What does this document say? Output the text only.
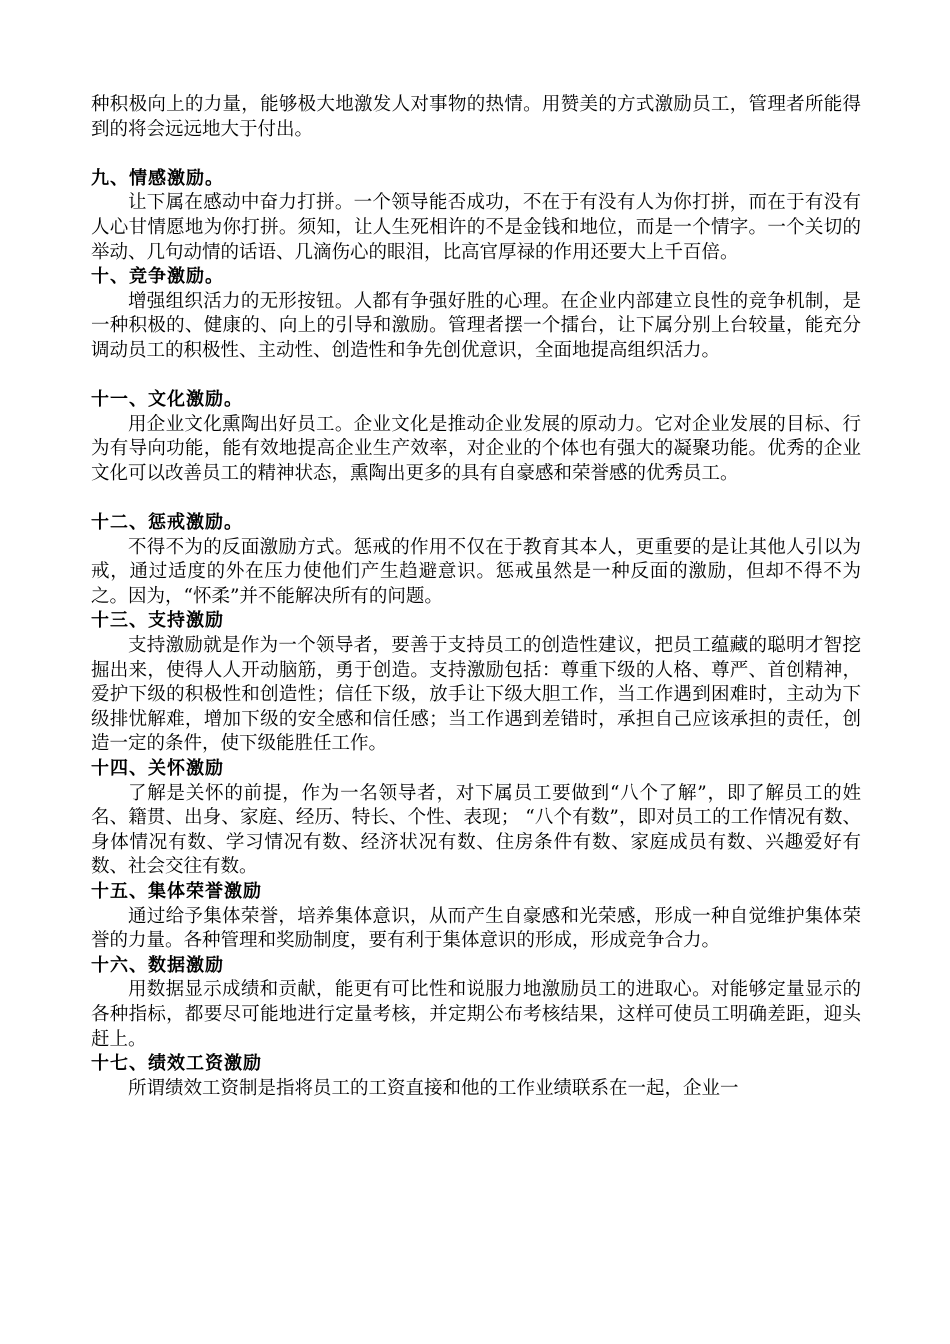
种积极向上的力量，能够极大地激发人对事物的热情。用赞美的方式激励员工，管理者所能得到的将会远远地大于付出。

九、情感激励。

让下属在感动中奋力打拼。一个领导能否成功，不在于有没有人为你打拼，而在于有没有人心甘情愿地为你打拼。须知，让人生死相许的不是金钱和地位，而是一个情字。一个关切的举动、几句动情的话语、几滴伤心的眼泪，比高官厚禄的作用还要大上千百倍。

十、竞争激励。

增强组织活力的无形按钮。人都有争强好胜的心理。在企业内部建立良性的竞争机制，是一种积极的、健康的、向上的引导和激励。管理者摆一个擂台，让下属分别上台较量，能充分调动员工的积极性、主动性、创造性和争先创优意识，全面地提高组织活力。

十一、文化激励。

用企业文化熏陶出好员工。企业文化是推动企业发展的原动力。它对企业发展的目标、行为有导向功能，能有效地提高企业生产效率，对企业的个体也有强大的凝聚功能。优秀的企业文化可以改善员工的精神状态，熏陶出更多的具有自豪感和荣誉感的优秀员工。

十二、惩戒激励。

不得不为的反面激励方式。惩戒的作用不仅在于教育其本人，更重要的是让其他人引以为戒，通过适度的外在压力使他们产生趋避意识。惩戒虽然是一种反面的激励，但却不得不为之。因为，“怀柔”并不能解决所有的问题。

十三、支持激励

支持激励就是作为一个领导者，要善于支持员工的创造性建议，把员工蕴藏的聪明才智挖掘出来，使得人人开动脑筋，勇于创造。支持激励包括：尊重下级的人格、尊严、首创精神，爱护下级的积极性和创造性；信任下级，放手让下级大胆工作，当工作遇到困难时，主动为下级排忧解难，增加下级的安全感和信任感；当工作遇到差错时，承担自己应该承担的责任，创造一定的条件，使下级能胜任工作。

十四、关怀激励

了解是关怀的前提，作为一名领导者，对下属员工要做到“八个了解”，即了解员工的姓名、籍贯、出身、家庭、经历、特长、个性、表现； “八个有数”，即对员工的工作情况有数、身体情况有数、学习情况有数、经济状况有数、住房条件有数、家庭成员有数、兴趣爱好有数、社会交往有数。

十五、集体荣誉激励

通过给予集体荣誉，培养集体意识，从而产生自豪感和光荣感，形成一种自觉维护集体荣誉的力量。各种管理和奖励制度，要有利于集体意识的形成，形成竞争合力。

十六、数据激励

用数据显示成绩和贡献，能更有可比性和说服力地激励员工的进取心。对能够定量显示的各种指标，都要尽可能地进行定量考核，并定期公布考核结果，这样可使员工明确差距，迎头赶上。

十七、绩效工资激励

所谓绩效工资制是指将员工的工资直接和他的工作业绩联系在一起，企业一
